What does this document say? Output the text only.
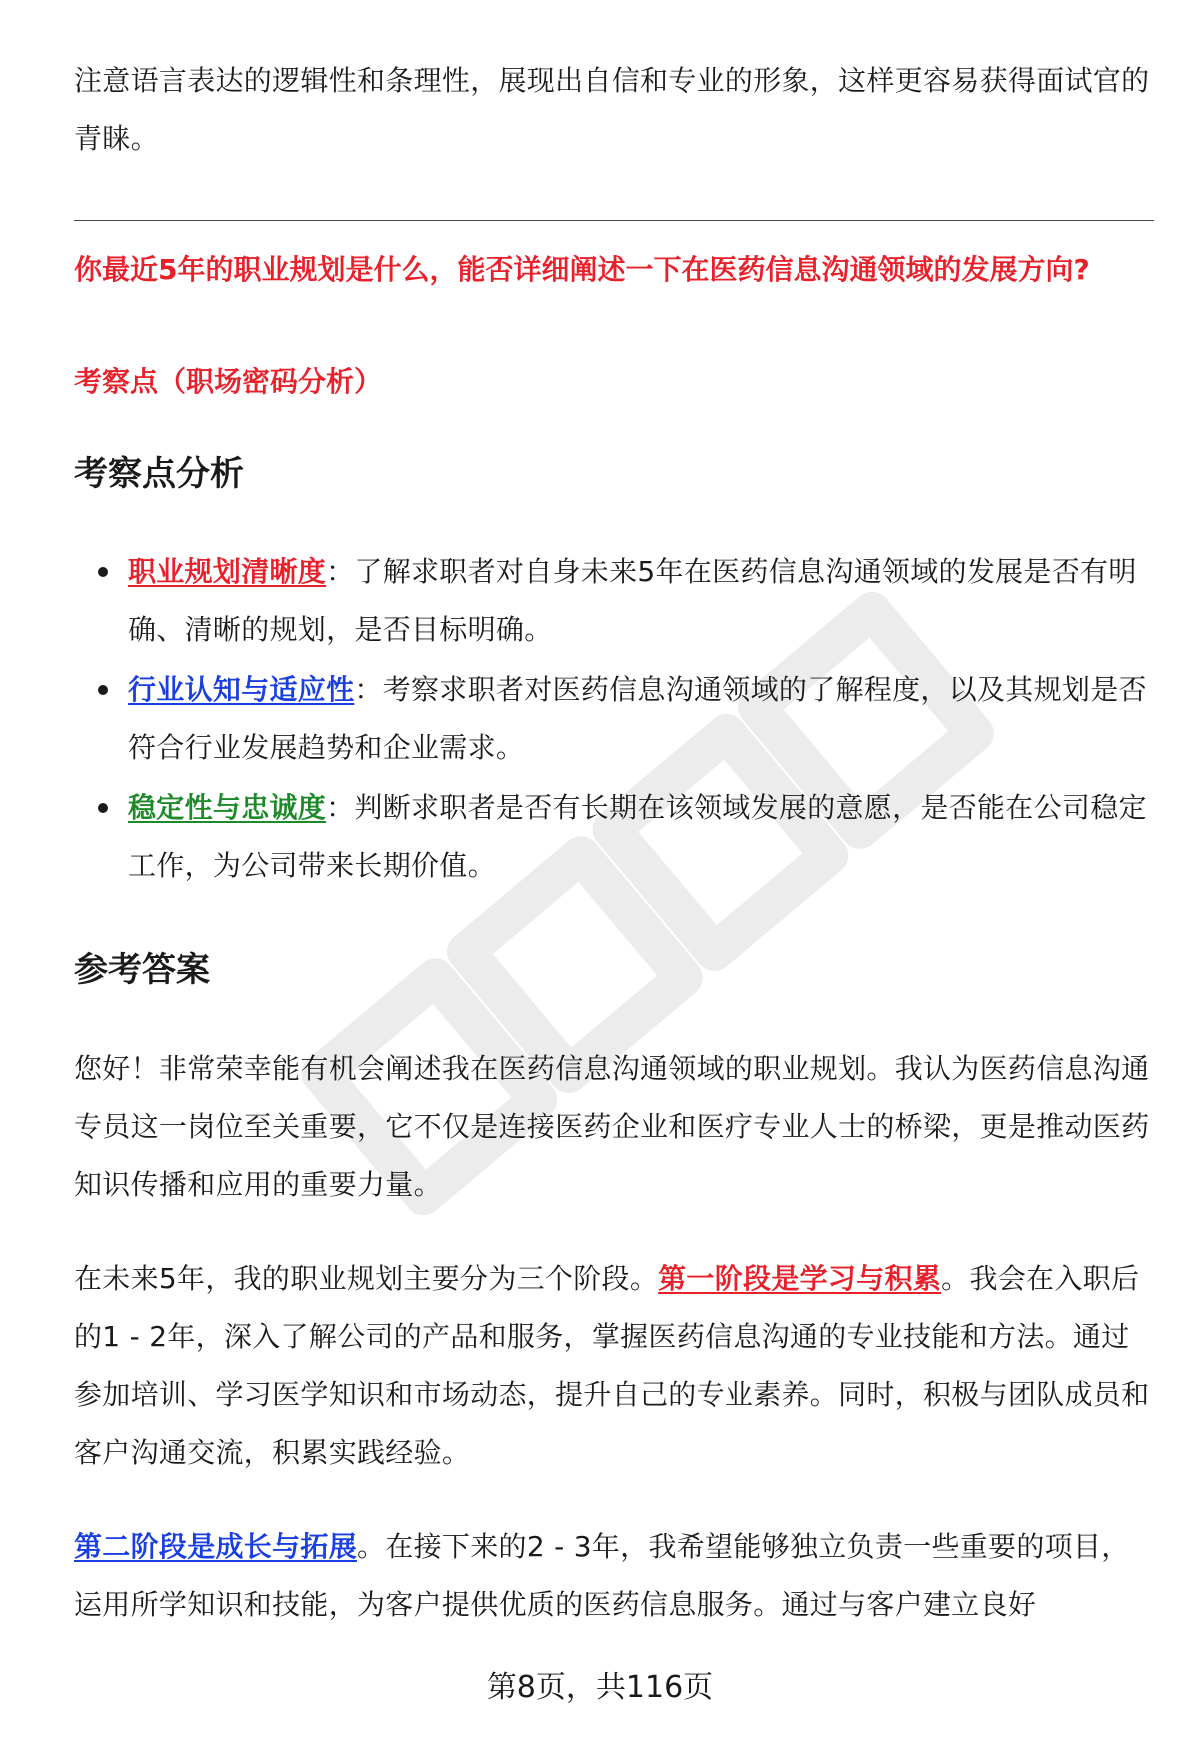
注意语言表达的逻辑性和条理性，展现出自信和专业的形象，这样更容易获得面试官的青睐。

你最近5年的职业规划是什么，能否详细阐述一下在医药信息沟通领域的发展方向?

考察点（职场密码分析）

考察点分析
职业规划清晰度：了解求职者对自身未来5年在医药信息沟通领域的发展是否有明确、清晰的规划，是否目标明确。
行业认知与适应性：考察求职者对医药信息沟通领域的了解程度，以及其规划是否符合行业发展趋势和企业需求。
稳定性与忠诚度：判断求职者是否有长期在该领域发展的意愿，是否能在公司稳定工作，为公司带来长期价值。
参考答案

您好！非常荣幸能有机会阐述我在医药信息沟通领域的职业规划。我认为医药信息沟通专员这一岗位至关重要，它不仅是连接医药企业和医疗专业人士的桥梁，更是推动医药知识传播和应用的重要力量。

在未来5年，我的职业规划主要分为三个阶段。第一阶段是学习与积累。我会在入职后的1 - 2年，深入了解公司的产品和服务，掌握医药信息沟通的专业技能和方法。通过参加培训、学习医学知识和市场动态，提升自己的专业素养。同时，积极与团队成员和客户沟通交流，积累实践经验。

第二阶段是成长与拓展。在接下来的2 - 3年，我希望能够独立负责一些重要的项目，运用所学知识和技能，为客户提供优质的医药信息服务。通过与客户建立良好

第8页，共116页
